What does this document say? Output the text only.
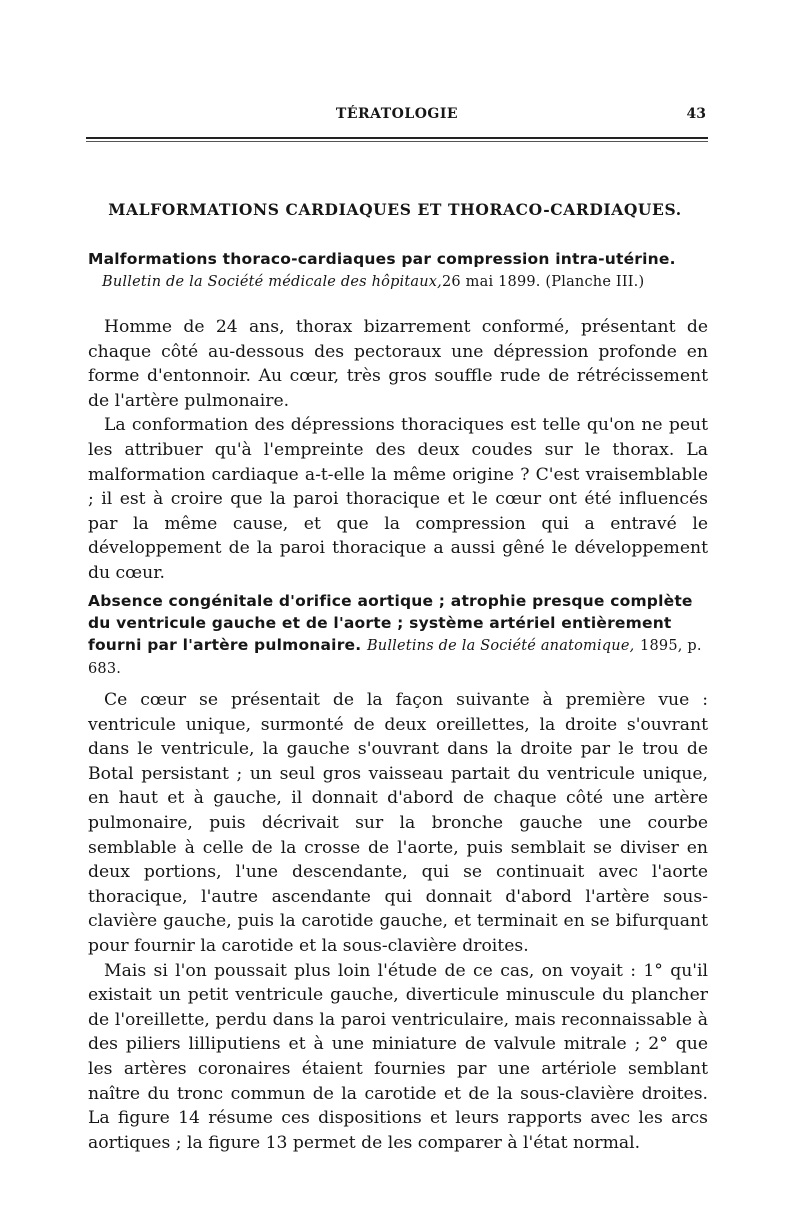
TÉRATOLOGIE	43
MALFORMATIONS CARDIAQUES ET THORACO-CARDIAQUES.
Malformations thoraco-cardiaques par compression intra-utérine.
Bulletin de la Société médicale des hôpitaux,26 mai 1899. (Planche III.)

Homme de 24 ans, thorax bizarrement conformé, présentant de chaque côté au-dessous des pectoraux une dépression profonde en forme d'entonnoir. Au cœur, très gros souffle rude de rétrécissement de l'artère pulmonaire.

La conformation des dépressions thoraciques est telle qu'on ne peut les attribuer qu'à l'empreinte des deux coudes sur le thorax. La malformation cardiaque a-t-elle la même origine ? C'est vraisemblable ; il est à croire que la paroi thoracique et le cœur ont été influencés par la même cause, et que la compression qui a entravé le développement de la paroi thoracique a aussi gêné le développement du cœur.

Absence congénitale d'orifice aortique ; atrophie presque complète du ventricule gauche et de l'aorte ; système artériel entièrement fourni par l'artère pulmonaire. Bulletins de la Société anatomique, 1895, p. 683.

Ce cœur se présentait de la façon suivante à première vue : ventricule unique, surmonté de deux oreillettes, la droite s'ouvrant dans le ventricule, la gauche s'ouvrant dans la droite par le trou de Botal persistant ; un seul gros vaisseau partait du ventricule unique, en haut et à gauche, il donnait d'abord de chaque côté une artère pulmonaire, puis décrivait sur la bronche gauche une courbe semblable à celle de la crosse de l'aorte, puis semblait se diviser en deux portions, l'une descendante, qui se continuait avec l'aorte thoracique, l'autre ascendante qui donnait d'abord l'artère sous-clavière gauche, puis la carotide gauche, et terminait en se bifurquant pour fournir la carotide et la sous-clavière droites.

Mais si l'on poussait plus loin l'étude de ce cas, on voyait : 1° qu'il existait un petit ventricule gauche, diverticule minuscule du plancher de l'oreillette, perdu dans la paroi ventriculaire, mais reconnaissable à des piliers lilliputiens et à une miniature de valvule mitrale ; 2° que les artères coronaires étaient fournies par une artériole semblant naître du tronc commun de la carotide et de la sous-clavière droites. La figure 14 résume ces dispositions et leurs rapports avec les arcs aortiques ; la figure 13 permet de les comparer à l'état normal.
